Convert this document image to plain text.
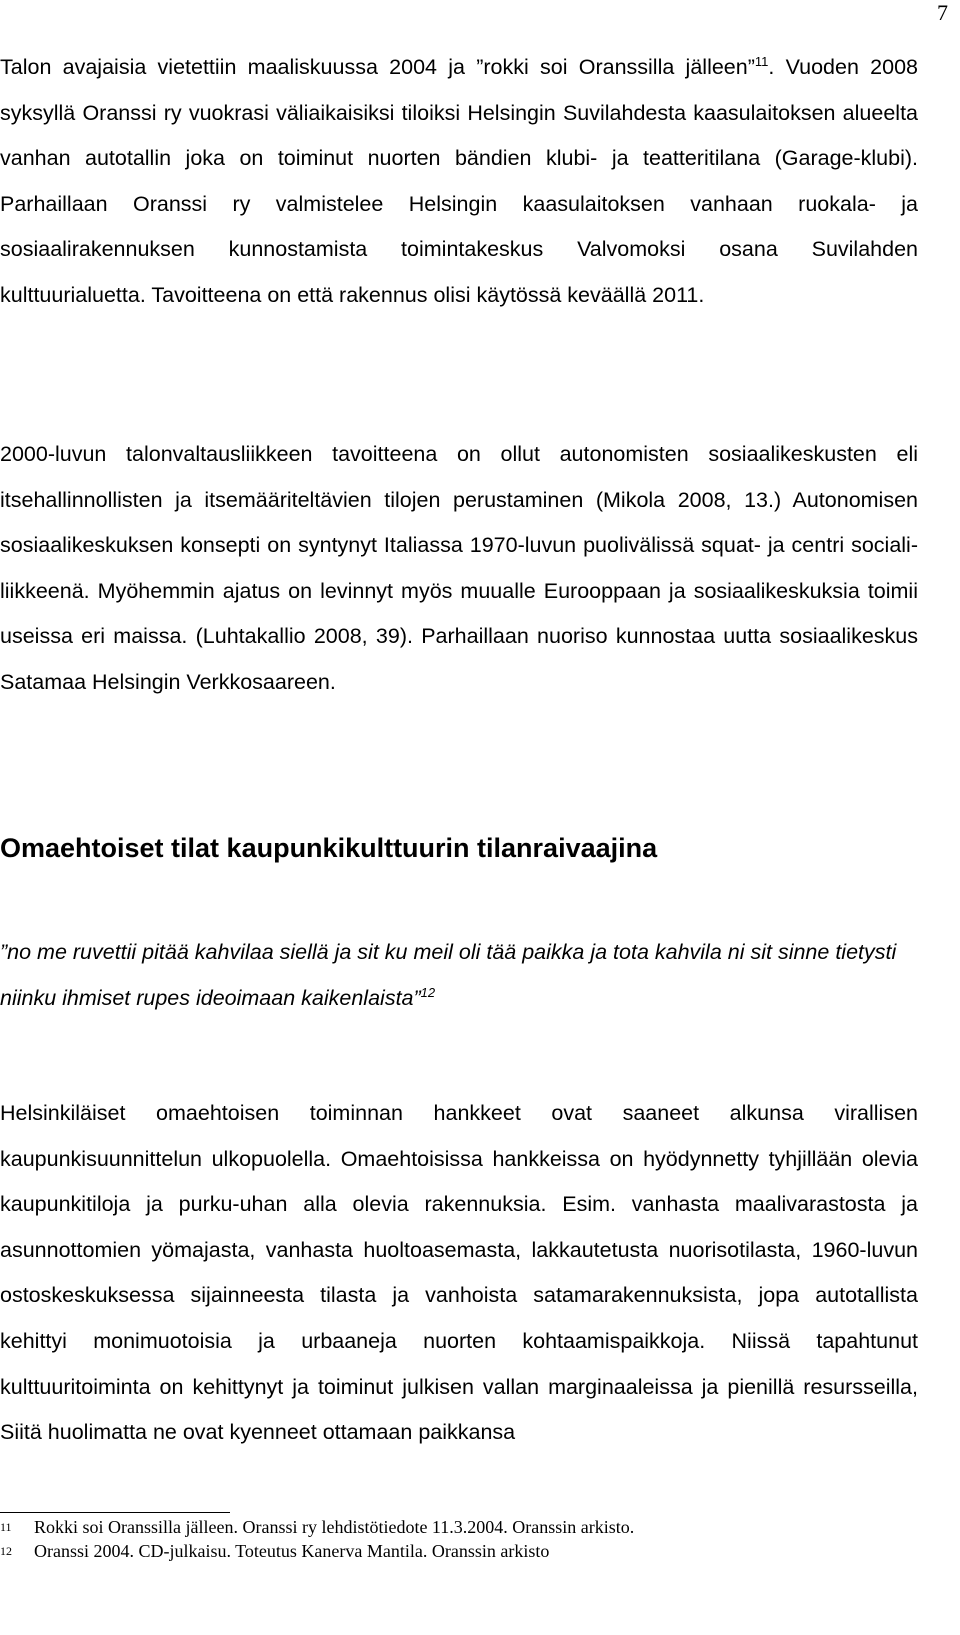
7

Talon avajaisia vietettiin maaliskuussa 2004 ja ”rokki soi Oranssilla jälleen”$^{11}$. Vuoden 2008 syksyllä Oranssi ry vuokrasi väliaikaisiksi tiloiksi Helsingin Suvilahdesta kaasulaitoksen alueelta vanhan autotallin joka on toiminut nuorten bändien klubi- ja teatteritilana (Garage-klubi). Parhaillaan Oranssi ry valmistelee Helsingin kaasulaitoksen vanhaan ruokala- ja sosiaalirakennuksen kunnostamista toimintakeskus Valvomoksi osana Suvilahden kulttuurialuetta. Tavoitteena on että rakennus olisi käytössä keväällä 2011.

2000-luvun talonvaltausliikkeen tavoitteena on ollut autonomisten sosiaalikeskusten eli itsehallinnollisten ja itsemääriteltävien tilojen perustaminen (Mikola 2008, 13.) Autonomisen sosiaalikeskuksen konsepti on syntynyt Italiassa 1970-luvun puolivälissä squat- ja centri sociali-liikkeenä. Myöhemmin ajatus on levinnyt myös muualle Eurooppaan ja sosiaalikeskuksia toimii useissa eri maissa. (Luhtakallio 2008, 39). Parhaillaan nuoriso kunnostaa uutta sosiaalikeskus Satamaa Helsingin Verkkosaareen.

Omaehtoiset tilat kaupunkikulttuurin tilanraivaajina

”no me ruvettii pitää kahvilaa siellä ja sit ku meil oli tää paikka ja tota kahvila ni sit sinne tietysti niinku ihmiset rupes ideoimaan kaikenlaista”$^{12}$

Helsinkiläiset omaehtoisen toiminnan hankkeet ovat saaneet alkunsa virallisen kaupunkisuunnittelun ulkopuolella. Omaehtoisissa hankkeissa on hyödynnetty tyhjillään olevia kaupunkitiloja ja purku-uhan alla olevia rakennuksia. Esim. vanhasta maalivarastosta ja asunnottomien yömajasta, vanhasta huoltoasemasta, lakkautetusta nuorisotilasta, 1960-luvun ostoskeskuksessa sijainneesta tilasta ja vanhoista satamarakennuksista, jopa autotallista kehittyi monimuotoisia ja urbaaneja nuorten kohtaamispaikkoja. Niissä tapahtunut kulttuuritoiminta on kehittynyt ja toiminut julkisen vallan marginaaleissa ja pienillä resursseilla, Siitä huolimatta ne ovat kyenneet ottamaan paikkansa

11 Rokki soi Oranssilla jälleen. Oranssi ry lehdistötiedote 11.3.2004. Oranssin arkisto.

12 Oranssi 2004. CD-julkaisu. Toteutus Kanerva Mantila. Oranssin arkisto
